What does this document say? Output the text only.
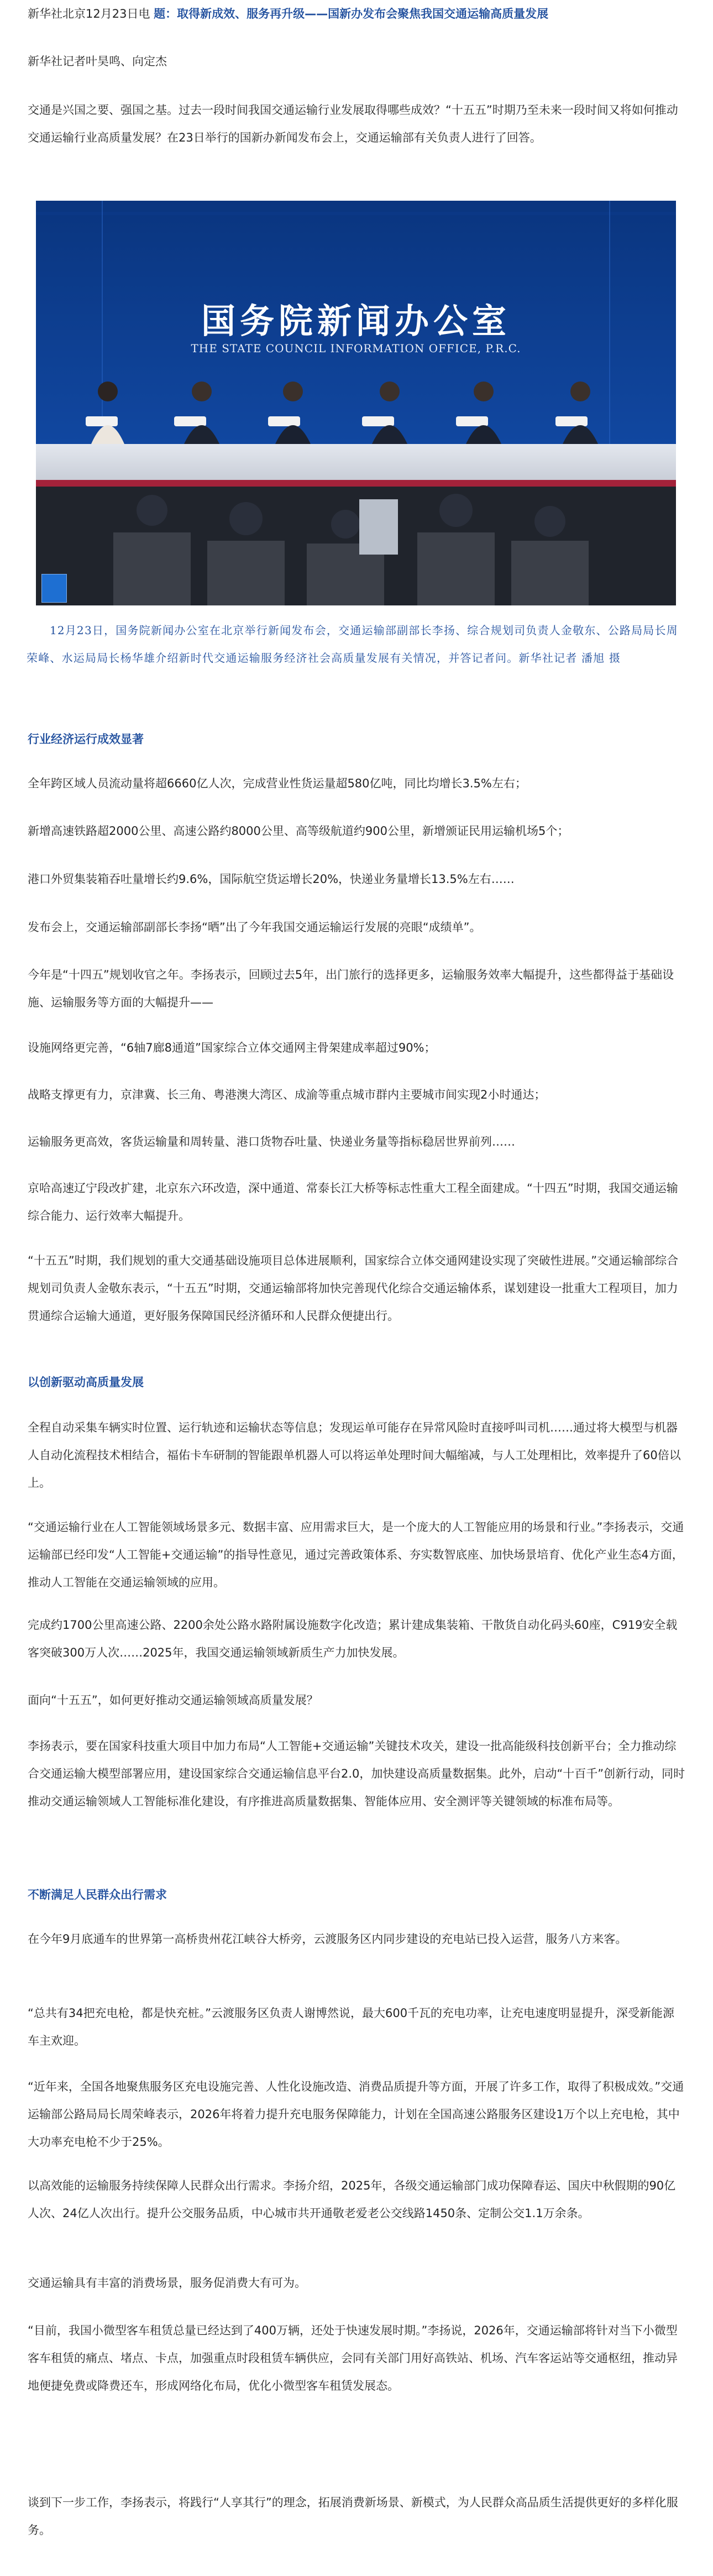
新华社北京12月23日电 题：取得新成效、服务再升级——国新办发布会聚焦我国交通运输高质量发展

新华社记者叶昊鸣、向定杰

交通是兴国之要、强国之基。过去一段时间我国交通运输行业发展取得哪些成效？“十五五”时期乃至未来一段时间又将如何推动交通运输行业高质量发展？在23日举行的国新办新闻发布会上，交通运输部有关负责人进行了回答。

国务院新闻办公室
THE STATE COUNCIL INFORMATION OFFICE, P.R.C.

12月23日，国务院新闻办公室在北京举行新闻发布会，交通运输部副部长李扬、综合规划司负责人金敬东、公路局局长周荣峰、水运局局长杨华雄介绍新时代交通运输服务经济社会高质量发展有关情况，并答记者问。新华社记者 潘旭 摄

行业经济运行成效显著

全年跨区域人员流动量将超6660亿人次，完成营业性货运量超580亿吨，同比均增长3.5%左右；

新增高速铁路超2000公里、高速公路约8000公里、高等级航道约900公里，新增颁证民用运输机场5个；

港口外贸集装箱吞吐量增长约9.6%，国际航空货运增长20%，快递业务量增长13.5%左右……

发布会上，交通运输部副部长李扬“晒”出了今年我国交通运输运行发展的亮眼“成绩单”。

今年是“十四五”规划收官之年。李扬表示，回顾过去5年，出门旅行的选择更多，运输服务效率大幅提升，这些都得益于基础设施、运输服务等方面的大幅提升——

设施网络更完善，“6轴7廊8通道”国家综合立体交通网主骨架建成率超过90%；

战略支撑更有力，京津冀、长三角、粤港澳大湾区、成渝等重点城市群内主要城市间实现2小时通达；

运输服务更高效，客货运输量和周转量、港口货物吞吐量、快递业务量等指标稳居世界前列……

京哈高速辽宁段改扩建，北京东六环改造，深中通道、常泰长江大桥等标志性重大工程全面建成。“十四五”时期，我国交通运输综合能力、运行效率大幅提升。

“十五五”时期，我们规划的重大交通基础设施项目总体进展顺利，国家综合立体交通网建设实现了突破性进展。”交通运输部综合规划司负责人金敬东表示，“十五五”时期，交通运输部将加快完善现代化综合交通运输体系，谋划建设一批重大工程项目，加力贯通综合运输大通道，更好服务保障国民经济循环和人民群众便捷出行。

以创新驱动高质量发展

全程自动采集车辆实时位置、运行轨迹和运输状态等信息；发现运单可能存在异常风险时直接呼叫司机……通过将大模型与机器人自动化流程技术相结合，福佑卡车研制的智能跟单机器人可以将运单处理时间大幅缩减，与人工处理相比，效率提升了60倍以上。

“交通运输行业在人工智能领域场景多元、数据丰富、应用需求巨大，是一个庞大的人工智能应用的场景和行业。”李扬表示，交通运输部已经印发“人工智能+交通运输”的指导性意见，通过完善政策体系、夯实数智底座、加快场景培育、优化产业生态4方面，推动人工智能在交通运输领域的应用。

完成约1700公里高速公路、2200余处公路水路附属设施数字化改造；累计建成集装箱、干散货自动化码头60座，C919安全载客突破300万人次……2025年，我国交通运输领域新质生产力加快发展。

面向“十五五”，如何更好推动交通运输领域高质量发展？

李扬表示，要在国家科技重大项目中加力布局“人工智能+交通运输”关键技术攻关，建设一批高能级科技创新平台；全力推动综合交通运输大模型部署应用，建设国家综合交通运输信息平台2.0，加快建设高质量数据集。此外，启动“十百千”创新行动，同时推动交通运输领域人工智能标准化建设，有序推进高质量数据集、智能体应用、安全测评等关键领域的标准布局等。

不断满足人民群众出行需求

在今年9月底通车的世界第一高桥贵州花江峡谷大桥旁，云渡服务区内同步建设的充电站已投入运营，服务八方来客。

“总共有34把充电枪，都是快充桩。”云渡服务区负责人谢博然说，最大600千瓦的充电功率，让充电速度明显提升，深受新能源车主欢迎。

“近年来，全国各地聚焦服务区充电设施完善、人性化设施改造、消费品质提升等方面，开展了许多工作，取得了积极成效。”交通运输部公路局局长周荣峰表示，2026年将着力提升充电服务保障能力，计划在全国高速公路服务区建设1万个以上充电枪，其中大功率充电枪不少于25%。

以高效能的运输服务持续保障人民群众出行需求。李扬介绍，2025年，各级交通运输部门成功保障春运、国庆中秋假期的90亿人次、24亿人次出行。提升公交服务品质，中心城市共开通敬老爱老公交线路1450条、定制公交1.1万余条。

交通运输具有丰富的消费场景，服务促消费大有可为。

“目前，我国小微型客车租赁总量已经达到了400万辆，还处于快速发展时期。”李扬说，2026年，交通运输部将针对当下小微型客车租赁的痛点、堵点、卡点，加强重点时段租赁车辆供应，会同有关部门用好高铁站、机场、汽车客运站等交通枢纽，推动异地便捷免费或降费还车，形成网络化布局，优化小微型客车租赁发展态。

谈到下一步工作，李扬表示，将践行“人享其行”的理念，拓展消费新场景、新模式，为人民群众高品质生活提供更好的多样化服务。
